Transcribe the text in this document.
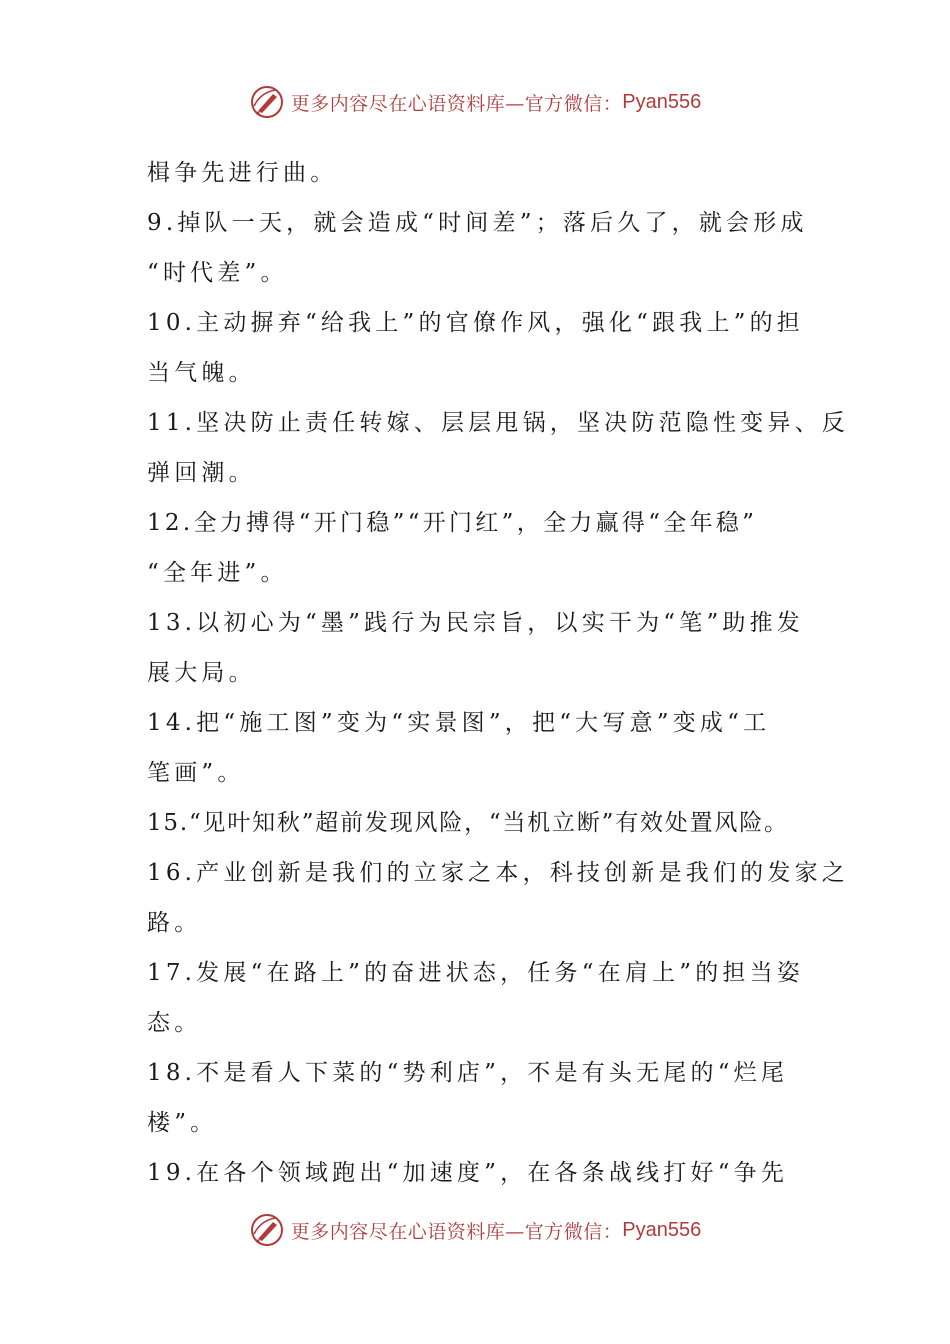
更多内容尽在心语资料库—官方微信： Pyan556
楫争先进行曲。
9.掉队一天，就会造成“时间差”；落后久了，就会形成
“时代差”。
10.主动摒弃“给我上”的官僚作风，强化“跟我上”的担
当气魄。
11.坚决防止责任转嫁、层层甩锅，坚决防范隐性变异、反
弹回潮。
12.全力搏得“开门稳”“开门红”，全力赢得“全年稳”
“全年进”。
13.以初心为“墨”践行为民宗旨，以实干为“笔”助推发
展大局。
14.把“施工图”变为“实景图”，把“大写意”变成“工
笔画”。
15.“见叶知秋”超前发现风险，“当机立断”有效处置风险。
16.产业创新是我们的立家之本，科技创新是我们的发家之
路。
17.发展“在路上”的奋进状态，任务“在肩上”的担当姿
态。
18.不是看人下菜的“势利店”，不是有头无尾的“烂尾
楼”。
19.在各个领域跑出“加速度”，在各条战线打好“争先
更多内容尽在心语资料库—官方微信： Pyan556
